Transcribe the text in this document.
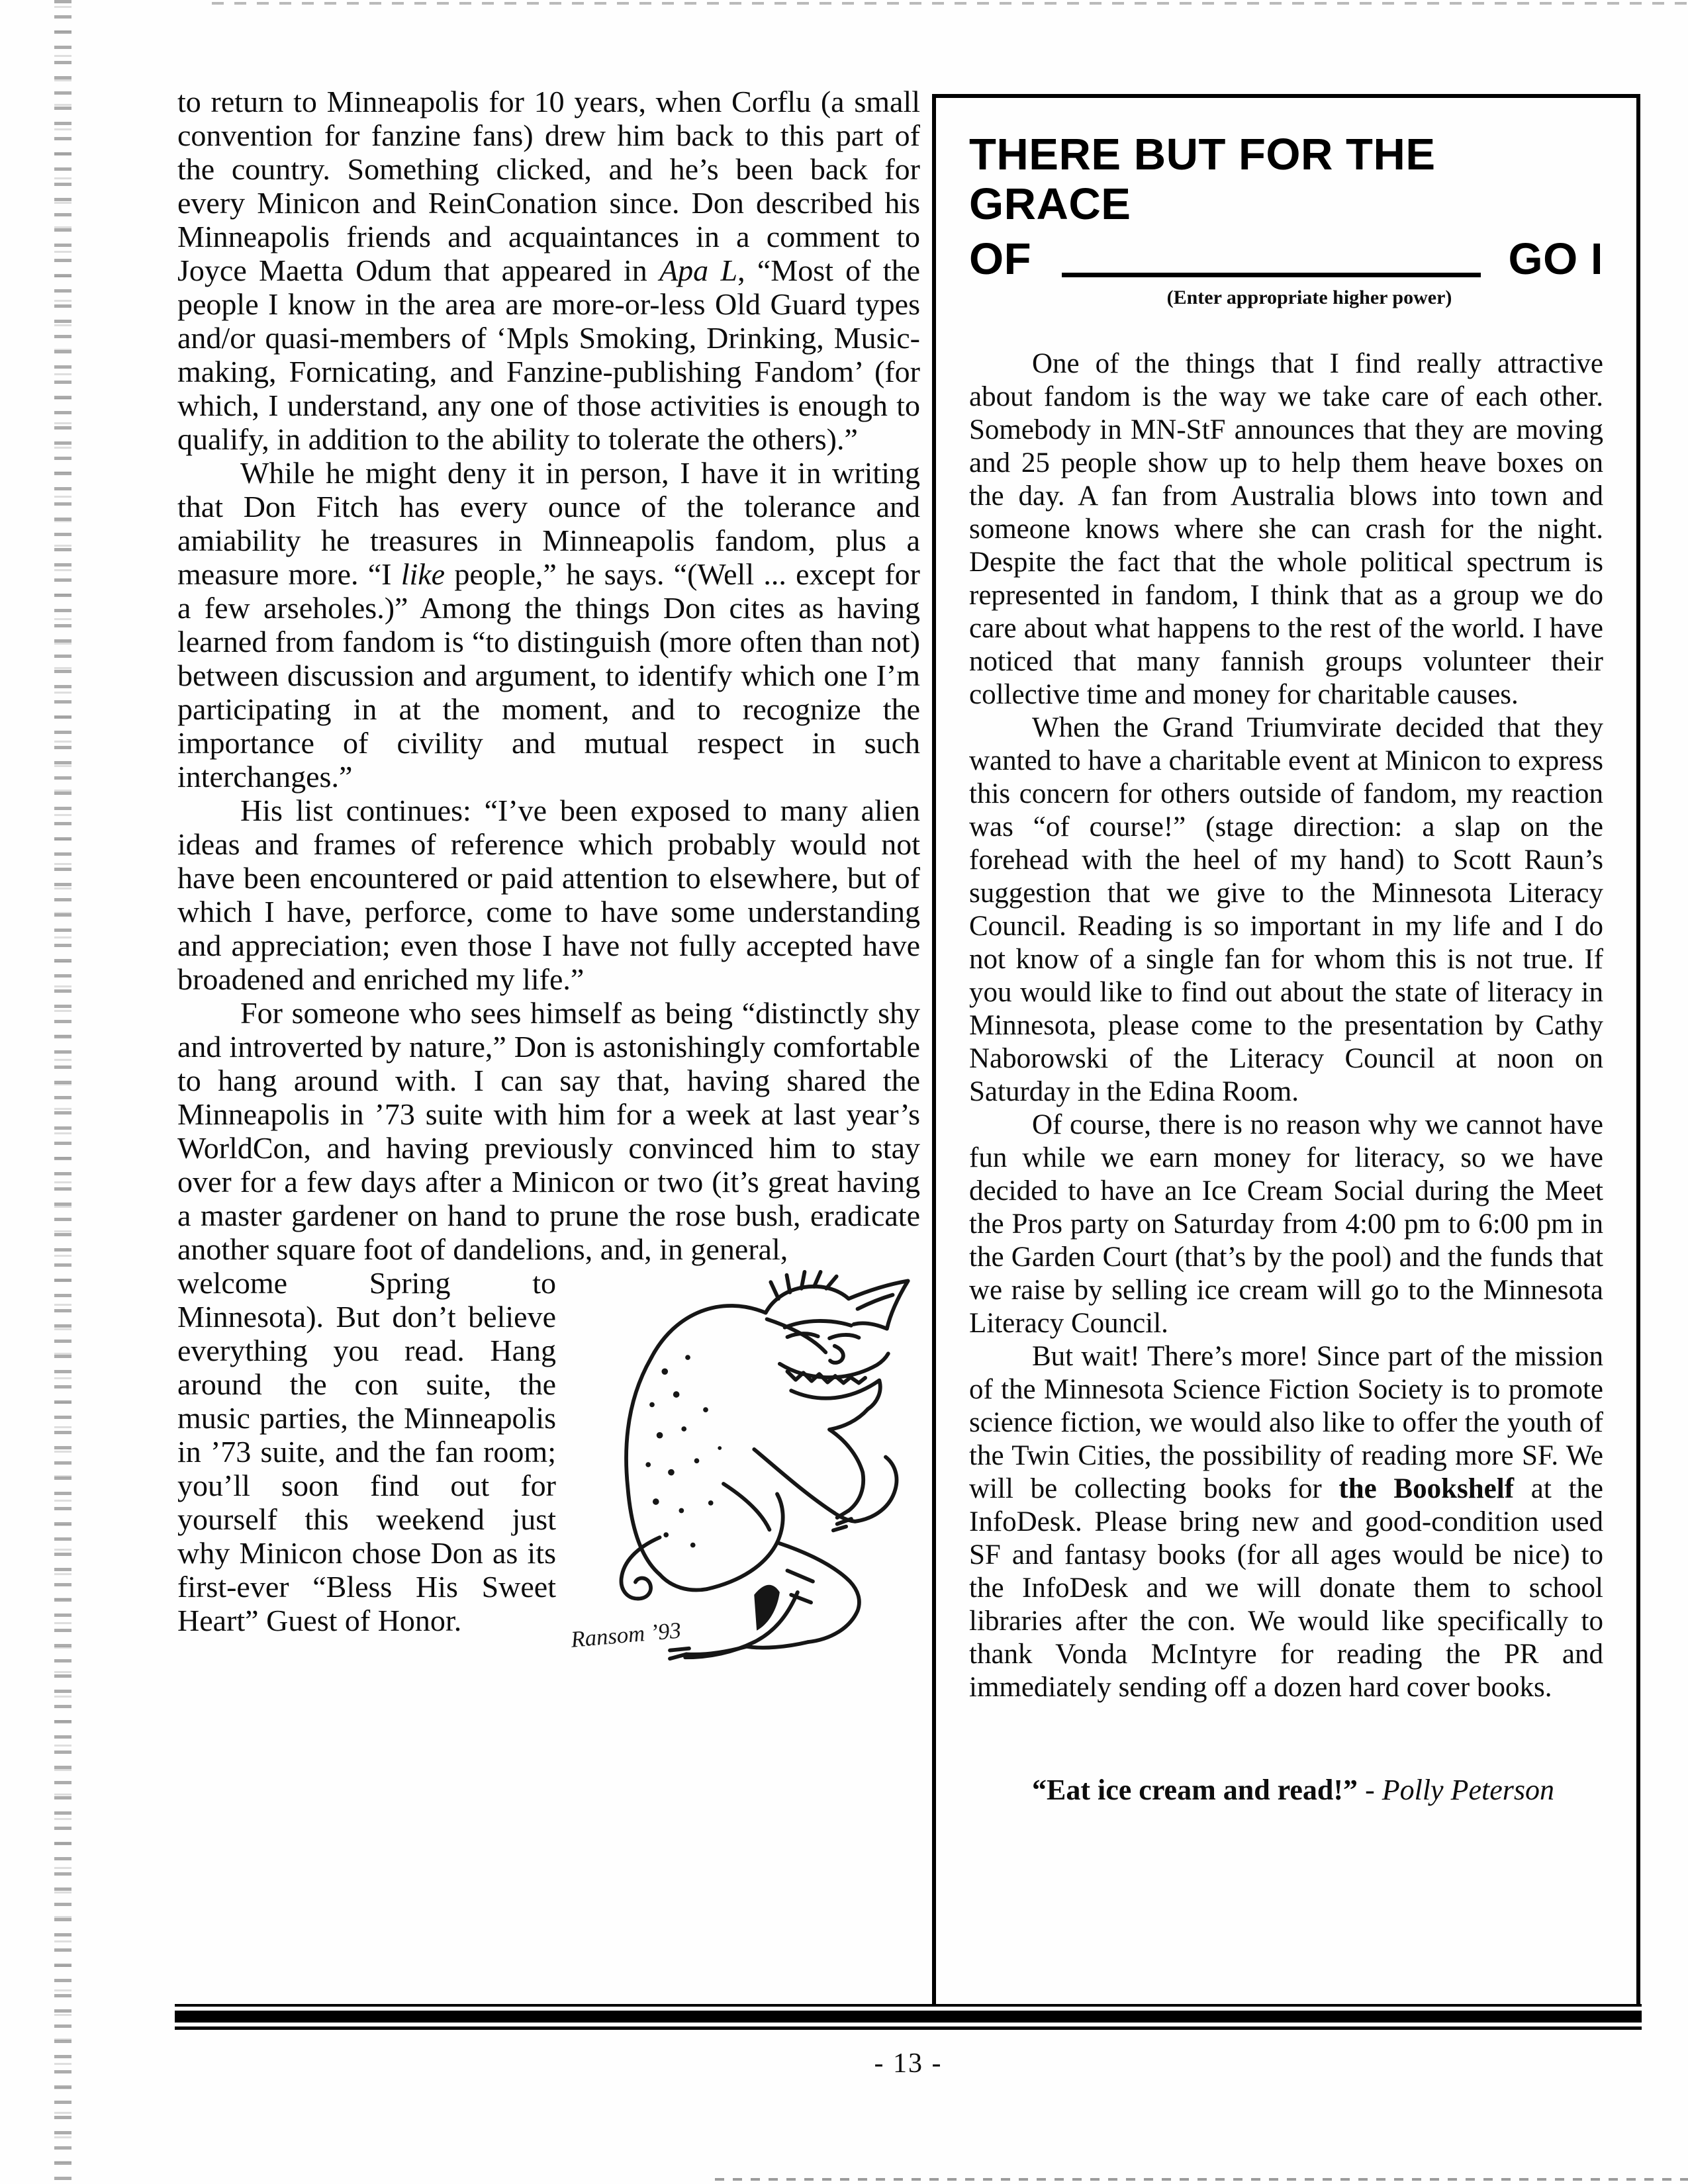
to return to Minneapolis for 10 years, when Corflu (a small convention for fanzine fans) drew him back to this part of the country. Something clicked, and he’s been back for every Minicon and ReinConation since. Don described his Minneapolis friends and acquaintances in a comment to Joyce Maetta Odum that appeared in Apa L, “Most of the people I know in the area are more-or-less Old Guard types and/or quasi-members of ‘Mpls Smoking, Drinking, Music-making, Fornicating, and Fanzine-publishing Fandom’ (for which, I understand, any one of those activities is enough to qualify, in addition to the ability to tolerate the others).”

While he might deny it in person, I have it in writing that Don Fitch has every ounce of the tolerance and amiability he treasures in Minneapolis fandom, plus a measure more. “I like people,” he says. “(Well ... except for a few arseholes.)” Among the things Don cites as having learned from fandom is “to distinguish (more often than not) between discussion and argument, to identify which one I’m participating in at the moment, and to recognize the importance of civility and mutual respect in such interchanges.”

His list continues: “I’ve been exposed to many alien ideas and frames of reference which probably would not have been encountered or paid attention to elsewhere, but of which I have, perforce, come to have some understanding and appreciation; even those I have not fully accepted have broadened and enriched my life.”

For someone who sees himself as being “distinctly shy and introverted by nature,” Don is astonishingly comfortable to hang around with. I can say that, having shared the Minneapolis in ’73 suite with him for a week at last year’s WorldCon, and having previously convinced him to stay over for a few days after a Minicon or two (it’s great having a master gardener on hand to prune the rose bush, eradicate another square foot of dandelions, and, in general,

welcome Spring to Minnesota). But don’t believe everything you read. Hang around the con suite, the music parties, the Minneapolis in ’73 suite, and the fan room; you’ll soon find out for yourself this weekend just why Minicon chose Don as its first-ever “Bless His Sweet Heart” Guest of Honor.	Ransom ’93
THERE BUT FOR THE GRACE
OF	GO I
(Enter appropriate higher power)

One of the things that I find really attractive about fandom is the way we take care of each other. Somebody in MN-StF announces that they are moving and 25 people show up to help them heave boxes on the day. A fan from Australia blows into town and someone knows where she can crash for the night. Despite the fact that the whole political spectrum is represented in fandom, I think that as a group we do care about what happens to the rest of the world. I have noticed that many fannish groups volunteer their collective time and money for charitable causes.

When the Grand Triumvirate decided that they wanted to have a charitable event at Minicon to express this concern for others outside of fandom, my reaction was “of course!” (stage direction: a slap on the forehead with the heel of my hand) to Scott Raun’s suggestion that we give to the Minnesota Literacy Council. Reading is so important in my life and I do not know of a single fan for whom this is not true. If you would like to find out about the state of literacy in Minnesota, please come to the presentation by Cathy Naborowski of the Literacy Council at noon on Saturday in the Edina Room.

Of course, there is no reason why we cannot have fun while we earn money for literacy, so we have decided to have an Ice Cream Social during the Meet the Pros party on Saturday from 4:00 pm to 6:00 pm in the Garden Court (that’s by the pool) and the funds that we raise by selling ice cream will go to the Minnesota Literacy Council.

But wait! There’s more! Since part of the mission of the Minnesota Science Fiction Society is to promote science fiction, we would also like to offer the youth of the Twin Cities, the possibility of reading more SF. We will be collecting books for the Bookshelf at the InfoDesk. Please bring new and good-condition used SF and fantasy books (for all ages would be nice) to the InfoDesk and we will donate them to school libraries after the con. We would like specifically to thank Vonda McIntyre for reading the PR and immediately sending off a dozen hard cover books.

“Eat ice cream and read!” - Polly Peterson

- 13 -
